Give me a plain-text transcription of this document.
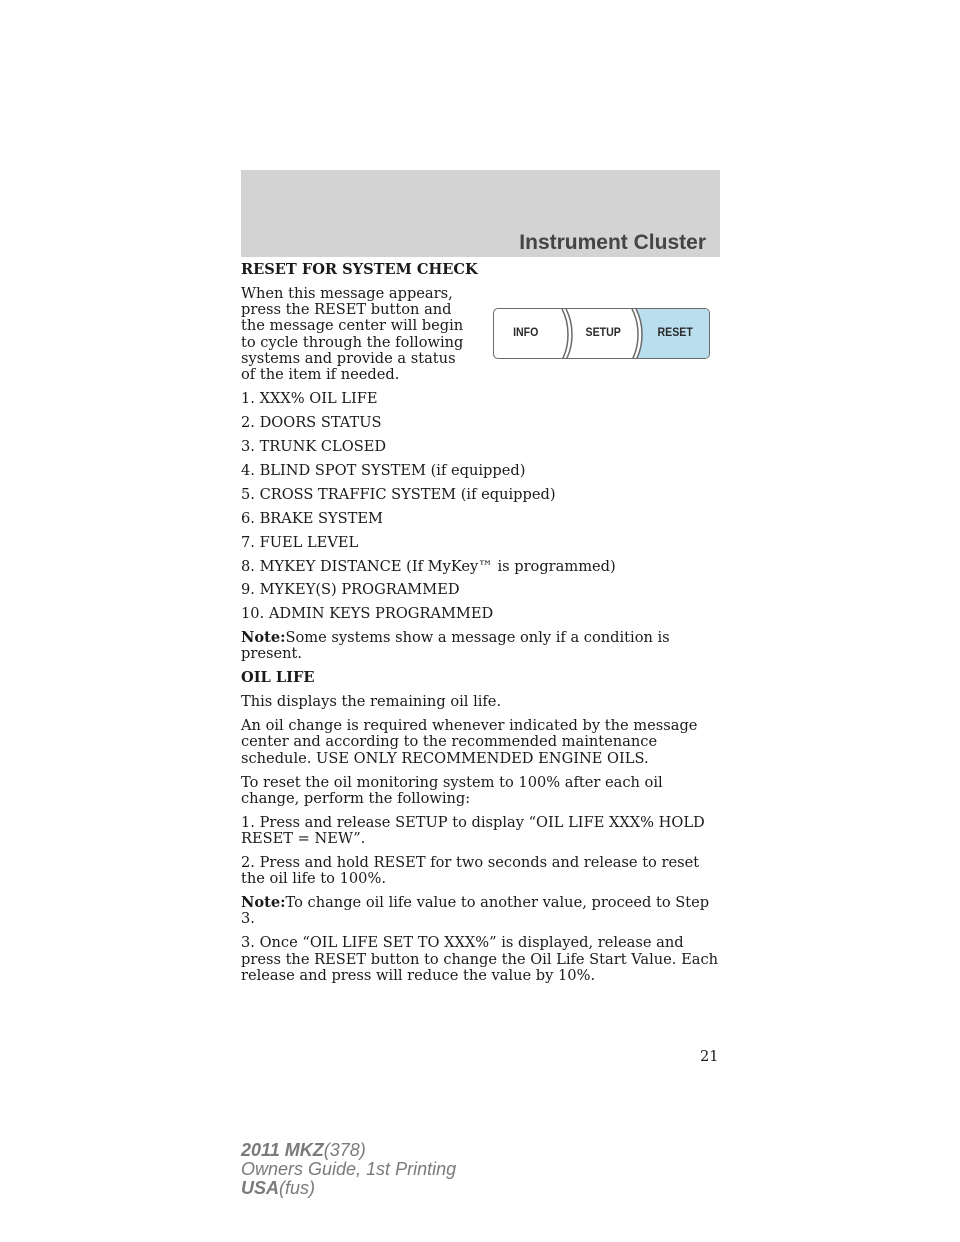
Instrument Cluster
INFO	SETUP	RESET

RESET FOR SYSTEM CHECK

When this message appears, press the RESET button and the message center will begin to cycle through the following systems and provide a status of the item if needed.

1. XXX% OIL LIFE

2. DOORS STATUS

3. TRUNK CLOSED

4. BLIND SPOT SYSTEM (if equipped)

5. CROSS TRAFFIC SYSTEM (if equipped)

6. BRAKE SYSTEM

7. FUEL LEVEL

8. MYKEY DISTANCE (If MyKey™ is programmed)

9. MYKEY(S) PROGRAMMED

10. ADMIN KEYS PROGRAMMED

Note:Some systems show a message only if a condition is present.

OIL LIFE

This displays the remaining oil life.

An oil change is required whenever indicated by the message center and according to the recommended maintenance schedule. USE ONLY RECOMMENDED ENGINE OILS.

To reset the oil monitoring system to 100% after each oil change, perform the following:

1. Press and release SETUP to display “OIL LIFE XXX% HOLD RESET = NEW”.

2. Press and hold RESET for two seconds and release to reset the oil life to 100%.

Note:To change oil life value to another value, proceed to Step 3.

3. Once “OIL LIFE SET TO XXX%” is displayed, release and press the RESET button to change the Oil Life Start Value. Each release and press will reduce the value by 10%.

21
2011 MKZ(378)
Owners Guide, 1st Printing
USA(fus)
